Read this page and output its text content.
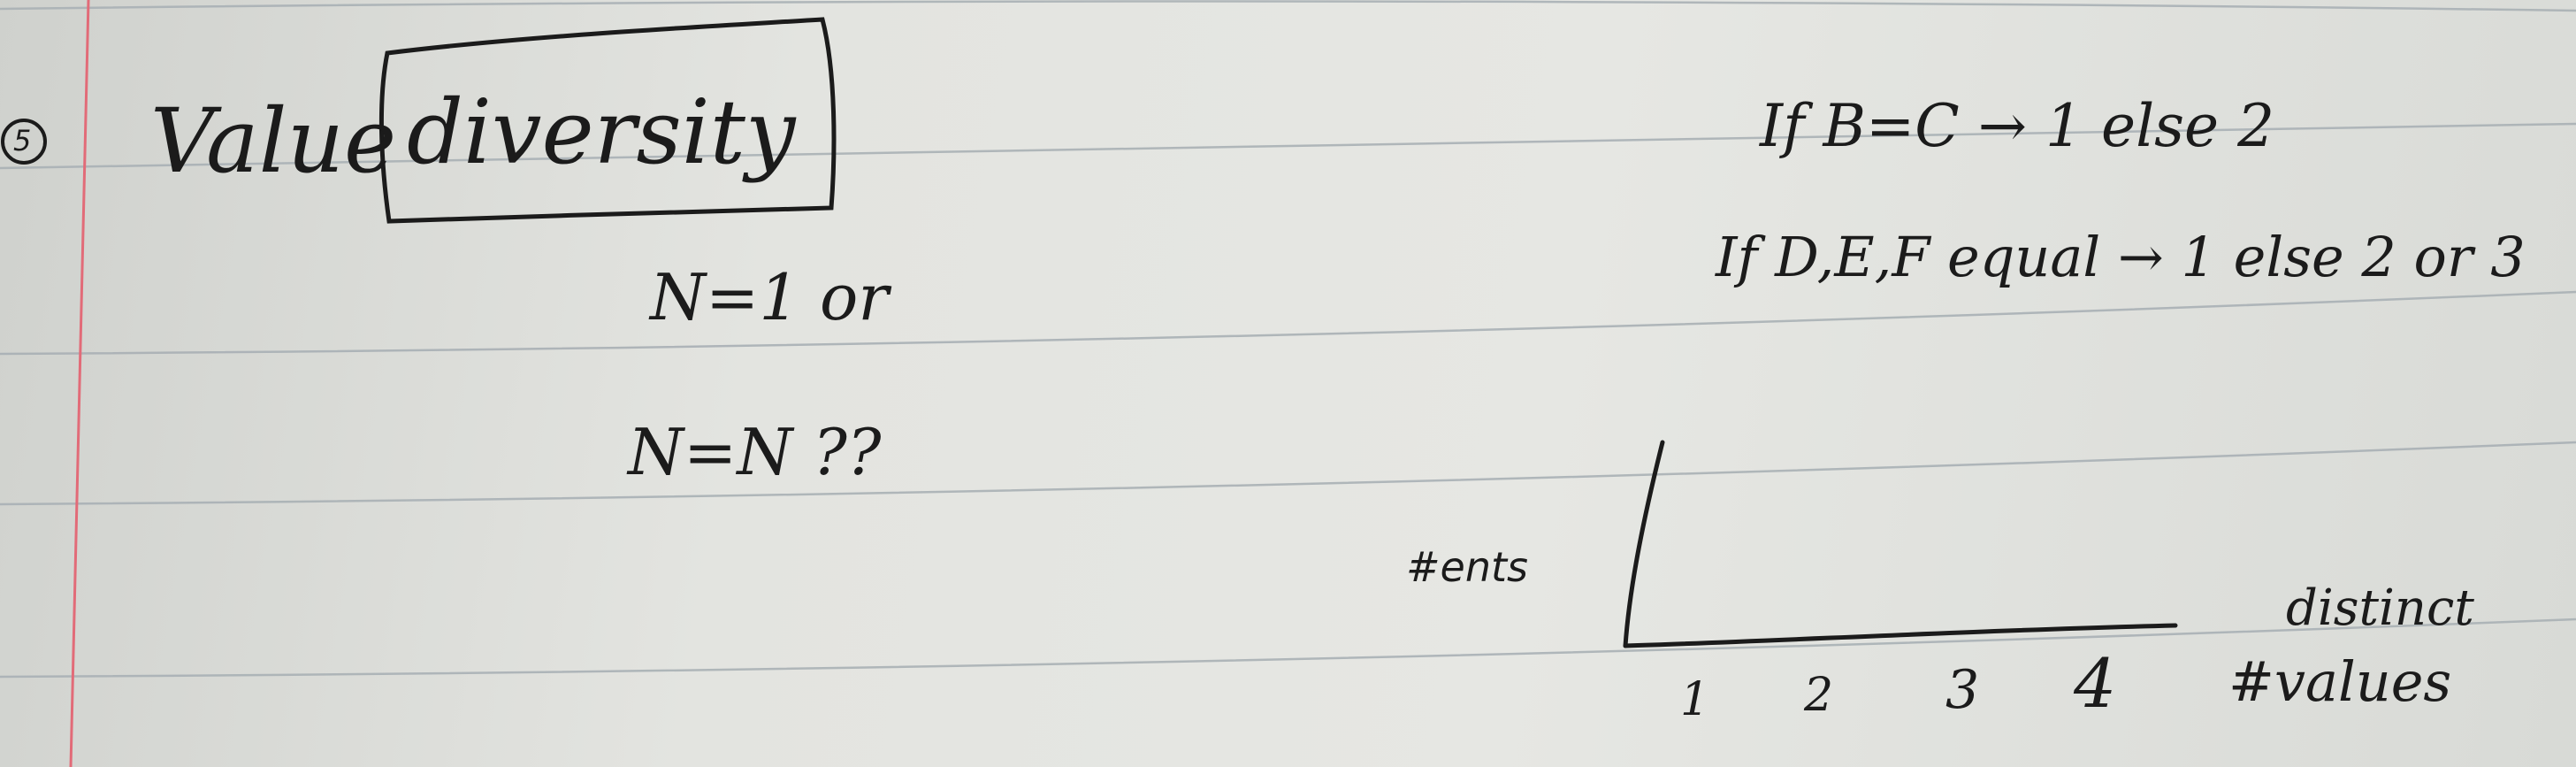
5 Value diversity
N=1 or
N=N ??
If B=C → 1 else 2
If D,E,F equal → 1 else 2 or 3
#ents
1 2 3 4
distinct
#values
